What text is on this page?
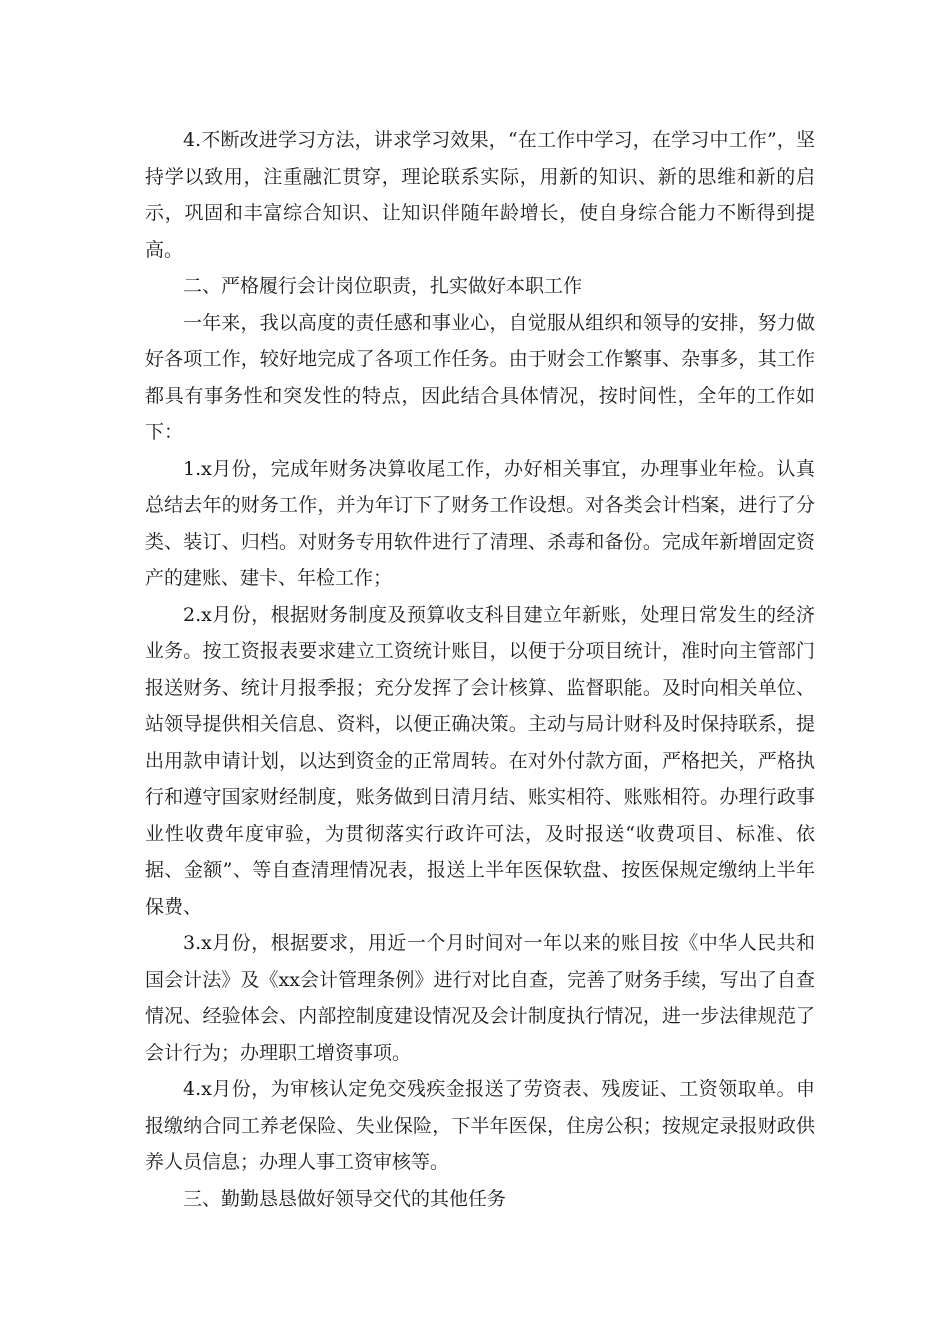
4.不断改进学习方法，讲求学习效果，“在工作中学习，在学习中工作”，坚持学以致用，注重融汇贯穿，理论联系实际，用新的知识、新的思维和新的启示，巩固和丰富综合知识、让知识伴随年龄增长，使自身综合能力不断得到提高。

二、严格履行会计岗位职责，扎实做好本职工作

一年来，我以高度的责任感和事业心，自觉服从组织和领导的安排，努力做好各项工作，较好地完成了各项工作任务。由于财会工作繁事、杂事多，其工作都具有事务性和突发性的特点，因此结合具体情况，按时间性，全年的工作如下：

1.x月份，完成年财务决算收尾工作，办好相关事宜，办理事业年检。认真总结去年的财务工作，并为年订下了财务工作设想。对各类会计档案，进行了分类、装订、归档。对财务专用软件进行了清理、杀毒和备份。完成年新增固定资产的建账、建卡、年检工作；

2.x月份，根据财务制度及预算收支科目建立年新账，处理日常发生的经济业务。按工资报表要求建立工资统计账目，以便于分项目统计，准时向主管部门报送财务、统计月报季报；充分发挥了会计核算、监督职能。及时向相关单位、站领导提供相关信息、资料，以便正确决策。主动与局计财科及时保持联系，提出用款申请计划，以达到资金的正常周转。在对外付款方面，严格把关，严格执行和遵守国家财经制度，账务做到日清月结、账实相符、账账相符。办理行政事业性收费年度审验，为贯彻落实行政许可法，及时报送“收费项目、标准、依据、金额”、等自查清理情况表，报送上半年医保软盘、按医保规定缴纳上半年保费、

3.x月份，根据要求，用近一个月时间对一年以来的账目按《中华人民共和国会计法》及《xx会计管理条例》进行对比自查，完善了财务手续，写出了自查情况、经验体会、内部控制度建设情况及会计制度执行情况，进一步法律规范了会计行为；办理职工增资事项。

4.x月份，为审核认定免交残疾金报送了劳资表、残废证、工资领取单。申报缴纳合同工养老保险、失业保险，下半年医保，住房公积；按规定录报财政供养人员信息；办理人事工资审核等。

三、勤勤恳恳做好领导交代的其他任务
